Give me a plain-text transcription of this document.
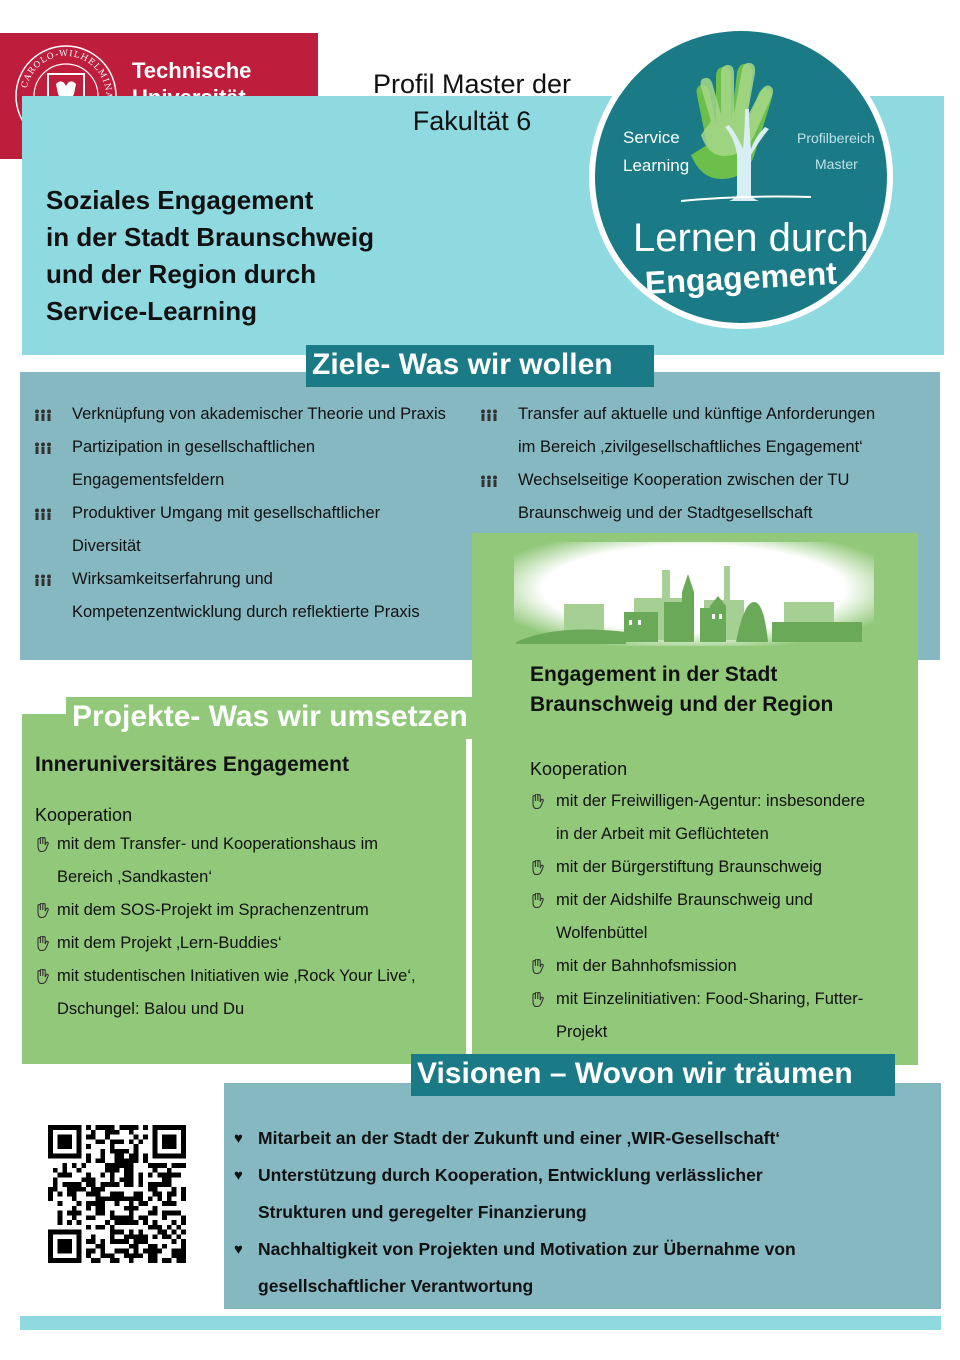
CAROLO-WILHELMIN
Technische	Profil Master der
Fakultät 6
Soziales Engagement
in der Stadt Braunschweig
und der Region durch
Service-Learning
Service
Learning
Profilbereich
Master
Lernen durch
Engagement
Ziele- Was wir wollen
Verknüpfung von akademischer Theorie und Praxis
Partizipation in gesellschaftlichen
Engagementsfeldern
Produktiver Umgang mit gesellschaftlicher
Diversität
Wirksamkeitserfahrung und
Kompetenzentwicklung durch reflektierte Praxis
Transfer auf aktuelle und künftige Anforderungen
im Bereich ‚zivilgesellschaftliches Engagement‘
Wechselseitige Kooperation zwischen der TU
Braunschweig und der Stadtgesellschaft
Engagement in der Stadt
Braunschweig und der Region
Kooperation
mit der Freiwilligen-Agentur: insbesondere
in der Arbeit mit Geflüchteten
mit der Bürgerstiftung Braunschweig
mit der Aidshilfe Braunschweig und
Wolfenbüttel
mit der Bahnhofsmission
mit Einzelinitiativen: Food-Sharing, Futter-
Projekt
Projekte- Was wir umsetzen
Inneruniversitäres Engagement
Kooperation
mit dem Transfer- und Kooperationshaus im
Bereich ‚Sandkasten‘
mit dem SOS-Projekt im Sprachenzentrum
mit dem Projekt ‚Lern-Buddies‘
mit studentischen Initiativen wie ‚Rock Your Live‘,
Dschungel: Balou und Du
Visionen – Wovon wir träumen
♥ Mitarbeit an der Stadt der Zukunft und einer ‚WIR-Gesellschaft‘
♥ Unterstützung durch Kooperation, Entwicklung verlässlicher
Strukturen und geregelter Finanzierung
♥ Nachhaltigkeit von Projekten und Motivation zur Übernahme von
gesellschaftlicher Verantwortung
